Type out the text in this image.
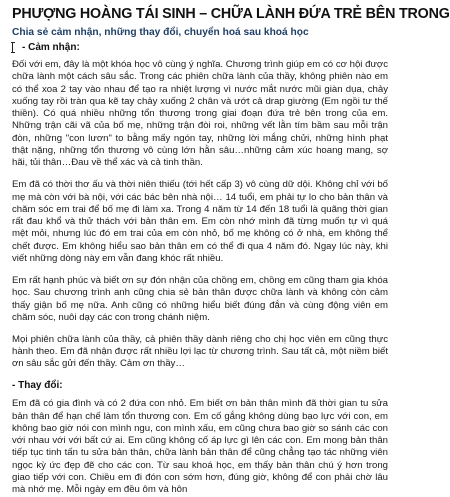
PHƯỢNG HOÀNG TÁI SINH – CHỮA LÀNH ĐỨA TRẺ BÊN TRONG
Chia sẻ cảm nhận, những thay đổi, chuyển hoá sau khoá học
- Cảm nhận:

Đối với em, đây là một khóa học vô cùng ý nghĩa. Chương trình giúp em có cơ hội được chữa lành một cách sâu sắc. Trong các phiên chữa lành của thầy, không phiên nào em có thể xoa 2 tay vào nhau để tạo ra nhiệt lượng vì nước mắt nước mũi giàn dụa, chảy xuống tay rồi tràn qua kẽ tay chảy xuống 2 chân và ướt cả drap giường (Em ngồi tư thế thiền). Có quá nhiều những tổn thương trong giai đoạn đứa trẻ bên trong của em. Những trận cãi vã của bố mẹ, những trận đòi roi, những vết lằn tím bầm sau mỗi trận đòn, những "con lươn" to bằng mấy ngón tay, những lời mắng chửi, những hình phạt thật nặng, những tổn thương vô cùng lớn hằn sâu…những cảm xúc hoang mang, sợ hãi, tủi thân…Đau về thể xác và cả tinh thần.

Em đã có thời thơ ấu và thời niên thiếu (tới hết cấp 3) vô cùng dữ dội. Không chỉ với bố mẹ mà còn với bà nội, với các bác bên nhà nội… 14 tuổi, em phải tự lo cho bản thân và chăm sóc em trai để bố mẹ đi làm xa. Trong 4 năm từ 14 đến 18 tuổi là quãng thời gian rất đau khổ và thử thách với bản thân em. Em còn nhớ mình đã từng muốn tự vì quá mệt mỏi, nhưng lúc đó em trai của em còn nhỏ, bố mẹ không có ở nhà, em không thể chết được. Em không hiểu sao bản thân em có thể đi qua 4 năm đó. Ngay lúc này, khi viết những dòng này em vẫn đang khóc rất nhiều.

Em rất hạnh phúc và biết ơn sự đón nhận của chồng em, chồng em cũng tham gia khóa học. Sau chương trình anh cũng chia sẻ bản thân được chữa lành và không còn cảm thấy giận bố mẹ nữa. Anh cũng có những hiểu biết đúng đắn và cùng động viên em chăm sóc, nuôi dạy các con trong chánh niệm.

Mọi phiên chữa lành của thầy, cả phiên thầy dành riêng cho chị học viên em cũng thực hành theo. Em đã nhận được rất nhiều lợi lạc từ chương trình. Sau tất cả, một niềm biết ơn sâu sắc gửi đến thầy. Cảm ơn thầy…

- Thay đổi:

Em đã có gia đình và có 2 đứa con nhỏ. Em biết ơn bản thân mình đã thời gian tu sửa bản thân để hạn chế làm tổn thương con. Em cố gắng không dùng bạo lực với con, em không bao giờ nói con mình ngu, con mình xấu, em cũng chưa bao giờ so sánh các con với nhau với với bất cứ ai. Em cũng không cố áp lực gì lên các con. Em mong bản thân tiếp tục tinh tấn tu sửa bản thân, chữa lành bản thân để cũng chẳng tạo tác những viên ngọc kỳ ức đẹp đẽ cho các con. Từ sau khoá học, em thấy bản thân chú ý hơn trong giao tiếp với con. Chiều em đi đón con sớm hơn, đúng giờ, không để con phải chờ lâu mà nhớ mẹ. Mỗi ngày em đều ôm và hôn
